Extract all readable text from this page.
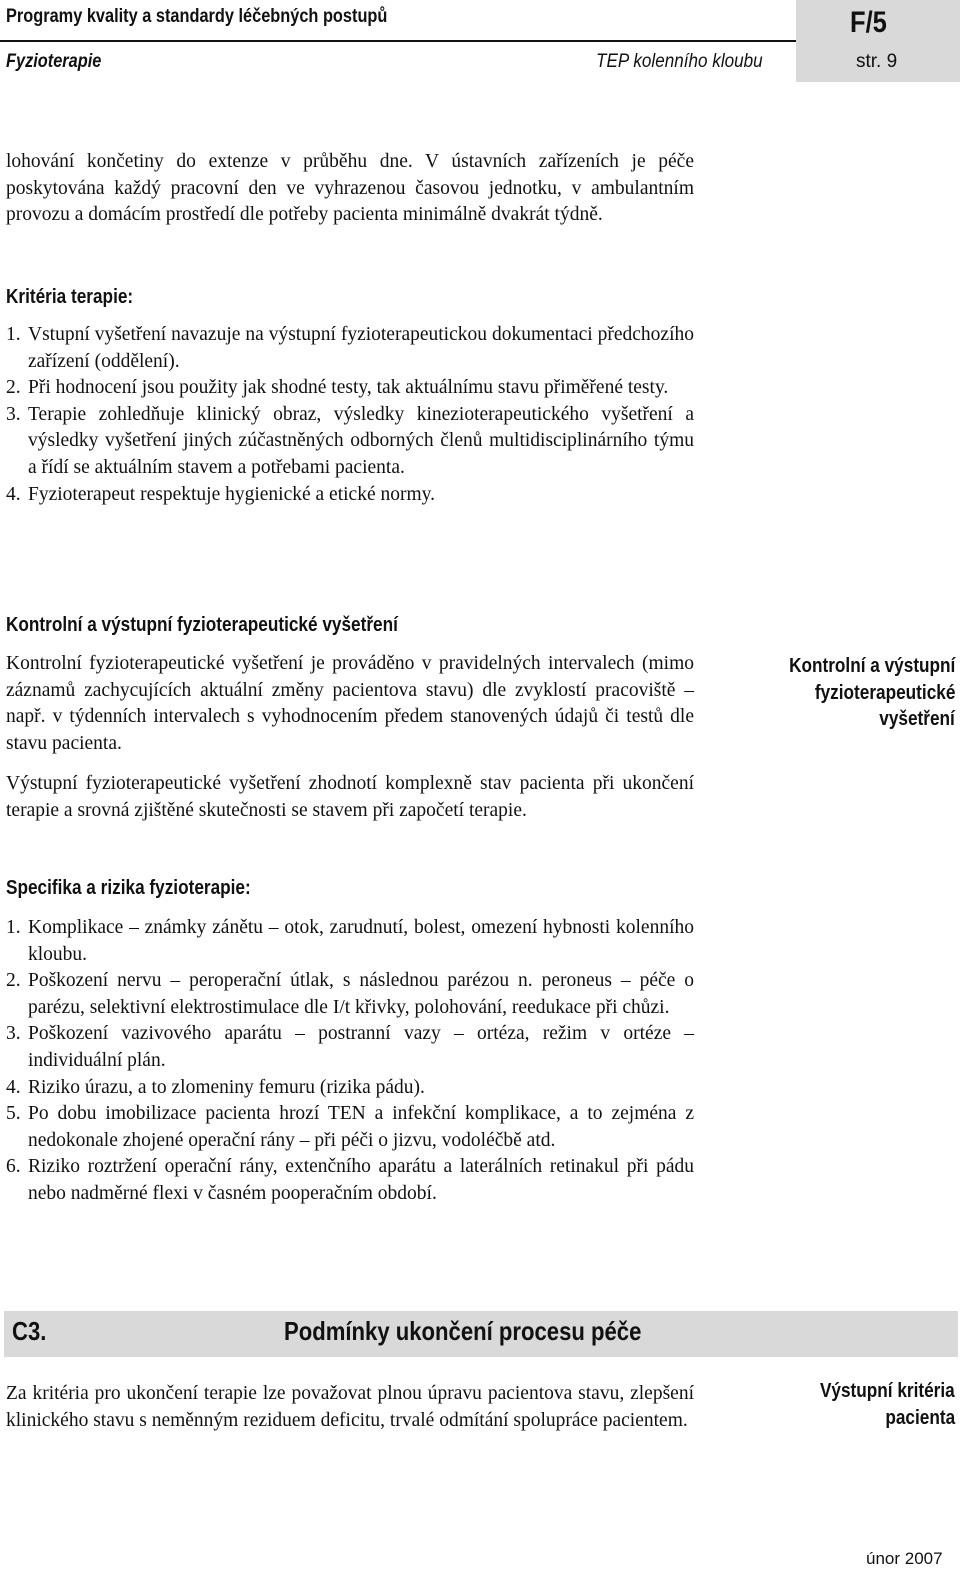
Programy kvality a standardy léčebných postupů
Fyzioterapie	TEP kolenního kloubu
F/5
str. 9
lohování končetiny do extenze v průběhu dne. V ústavních zařízeních je péče poskytována každý pracovní den ve vyhrazenou časovou jednotku, v ambulantním provozu a domácím prostředí dle potřeby pacienta minimálně dvakrát týdně.
Kritéria terapie:
1. Vstupní vyšetření navazuje na výstupní fyzioterapeutickou dokumentaci předchozího zařízení (oddělení).
2. Při hodnocení jsou použity jak shodné testy, tak aktuálnímu stavu přiměřené testy.
3. Terapie zohledňuje klinický obraz, výsledky kinezioterapeutického vyšetření a výsledky vyšetření jiných zúčastněných odborných členů multidisciplinárního týmu a řídí se aktuálním stavem a potřebami pacienta.
4. Fyzioterapeut respektuje hygienické a etické normy.
Kontrolní a výstupní fyzioterapeutické vyšetření
Kontrolní fyzioterapeutické vyšetření je prováděno v pravidelných intervalech (mimo záznamů zachycujících aktuální změny pacientova stavu) dle zvyklostí pracoviště – např. v týdenních intervalech s vyhodnocením předem stanovených údajů či testů dle stavu pacienta.
Výstupní fyzioterapeutické vyšetření zhodnotí komplexně stav pacienta při ukončení terapie a srovná zjištěné skutečnosti se stavem při započetí terapie.
Kontrolní a výstupní
fyzioterapeutické
vyšetření
Specifika a rizika fyzioterapie:
1. Komplikace – známky zánětu – otok, zarudnutí, bolest, omezení hybnosti kolenního kloubu.
2. Poškození nervu – peroperační útlak, s následnou parézou n. peroneus – péče o parézu, selektivní elektrostimulace dle I/t křivky, polohování, reedukace při chůzi.
3. Poškození vazivového aparátu – postranní vazy – ortéza, režim v ortéze – individuální plán.
4. Riziko úrazu, a to zlomeniny femuru (rizika pádu).
5. Po dobu imobilizace pacienta hrozí TEN a infekční komplikace, a to zejména z nedokonale zhojené operační rány – při péči o jizvu, vodoléčbě atd.
6. Riziko roztržení operační rány, extenčního aparátu a laterálních retinakul při pádu nebo nadměrné flexi v časném pooperačním období.
C3.	Podmínky ukončení procesu péče
Za kritéria pro ukončení terapie lze považovat plnou úpravu pacientova stavu, zlepšení klinického stavu s neměnným reziduem deficitu, trvalé odmítání spolupráce pacientem.
Výstupní kritéria
pacienta
únor 2007
